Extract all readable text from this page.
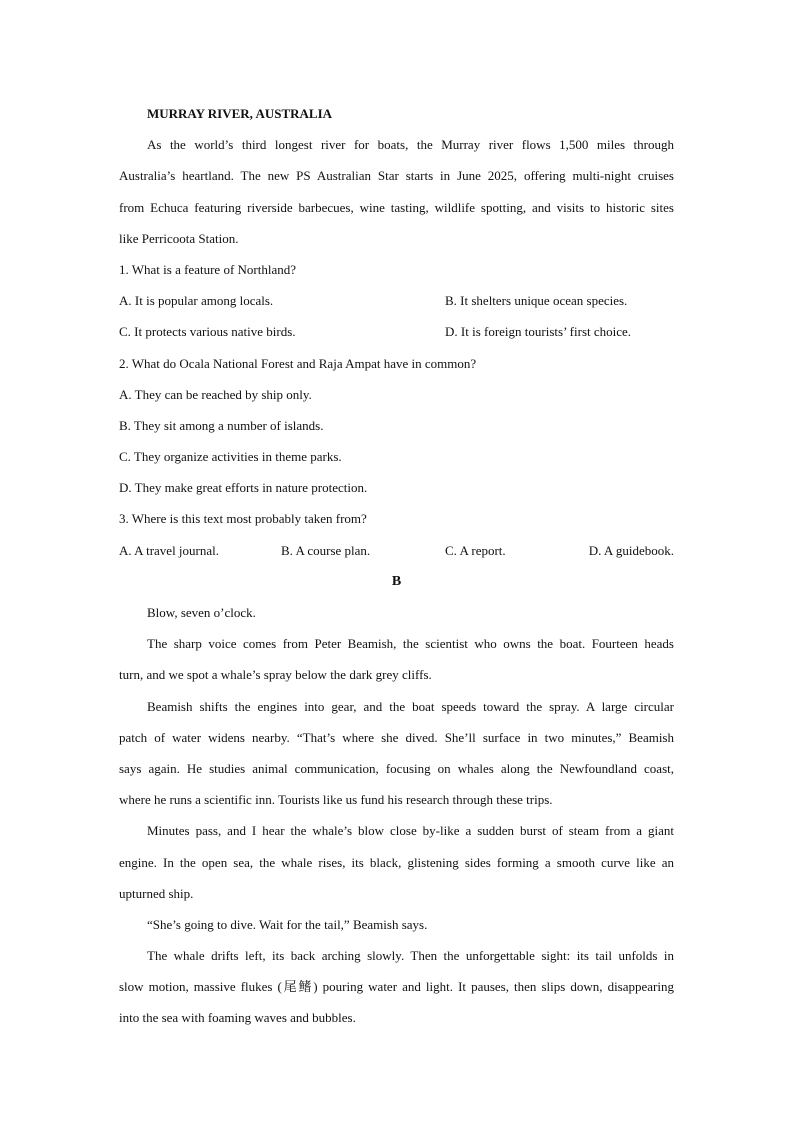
MURRAY RIVER, AUSTRALIA
As the world’s third longest river for boats, the Murray river flows 1,500 miles through
Australia’s heartland. The new PS Australian Star starts in June 2025, offering multi-night cruises
from Echuca featuring riverside barbecues, wine tasting, wildlife spotting, and visits to historic sites
like Perricoota Station.
1. What is a feature of Northland?
A. It is popular among locals.	B. It shelters unique ocean species.
C. It protects various native birds.	D. It is foreign tourists’ first choice.
2. What do Ocala National Forest and Raja Ampat have in common?
A. They can be reached by ship only.
B. They sit among a number of islands.
C. They organize activities in theme parks.
D. They make great efforts in nature protection.
3. Where is this text most probably taken from?
A. A travel journal.	B. A course plan.	C. A report.	D. A guidebook.
B
Blow, seven o’clock.
The sharp voice comes from Peter Beamish, the scientist who owns the boat. Fourteen heads
turn, and we spot a whale’s spray below the dark grey cliffs.
Beamish shifts the engines into gear, and the boat speeds toward the spray. A large circular
patch of water widens nearby. “That’s where she dived. She’ll surface in two minutes,” Beamish
says again. He studies animal communication, focusing on whales along the Newfoundland coast,
where he runs a scientific inn. Tourists like us fund his research through these trips.
Minutes pass, and I hear the whale’s blow close by-like a sudden burst of steam from a giant
engine. In the open sea, the whale rises, its black, glistening sides forming a smooth curve like an
upturned ship.
“She’s going to dive. Wait for the tail,” Beamish says.
The whale drifts left, its back arching slowly. Then the unforgettable sight: its tail unfolds in
slow motion, massive flukes (尾鳍) pouring water and light. It pauses, then slips down, disappearing
into the sea with foaming waves and bubbles.
